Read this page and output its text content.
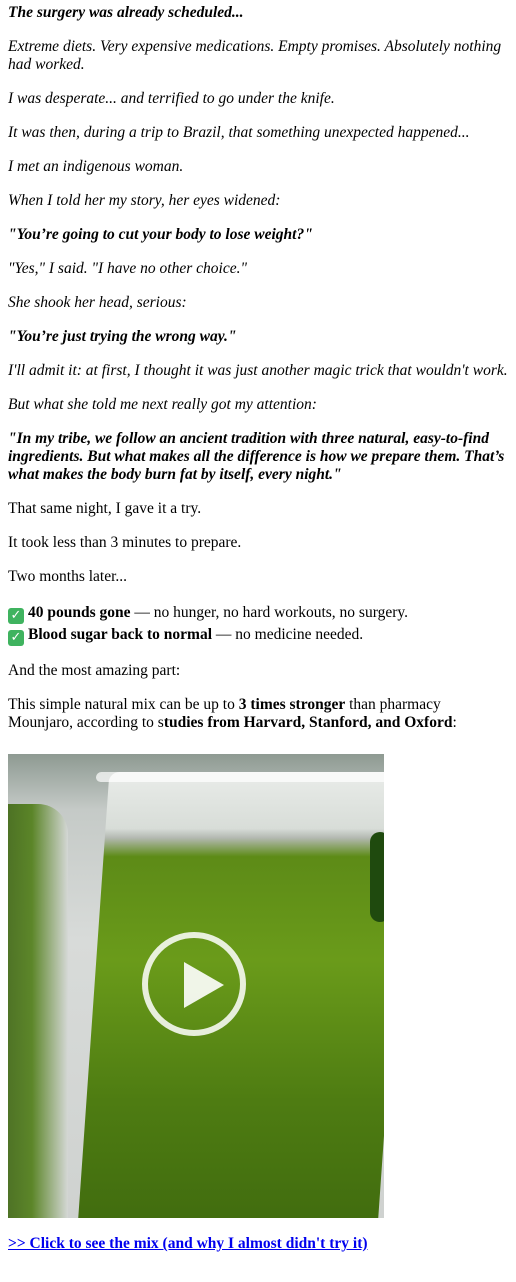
The surgery was already scheduled...

Extreme diets. Very expensive medications. Empty promises. Absolutely nothing had worked.

I was desperate... and terrified to go under the knife.

It was then, during a trip to Brazil, that something unexpected happened...

I met an indigenous woman.

When I told her my story, her eyes widened:

"You’re going to cut your body to lose weight?"

"Yes," I said. "I have no other choice."

She shook her head, serious:

"You’re just trying the wrong way."

I'll admit it: at first, I thought it was just another magic trick that wouldn't work.

But what she told me next really got my attention:

"In my tribe, we follow an ancient tradition with three natural, easy-to-find ingredients. But what makes all the difference is how we prepare them. That’s what makes the body burn fat by itself, every night."

That same night, I gave it a try.

It took less than 3 minutes to prepare.

Two months later...

✓ 40 pounds gone — no hunger, no hard workouts, no surgery.
✓ Blood sugar back to normal — no medicine needed.

And the most amazing part:

This simple natural mix can be up to 3 times stronger than pharmacy Mounjaro, according to studies from Harvard, Stanford, and Oxford:

>> Click to see the mix (and why I almost didn't try it)
